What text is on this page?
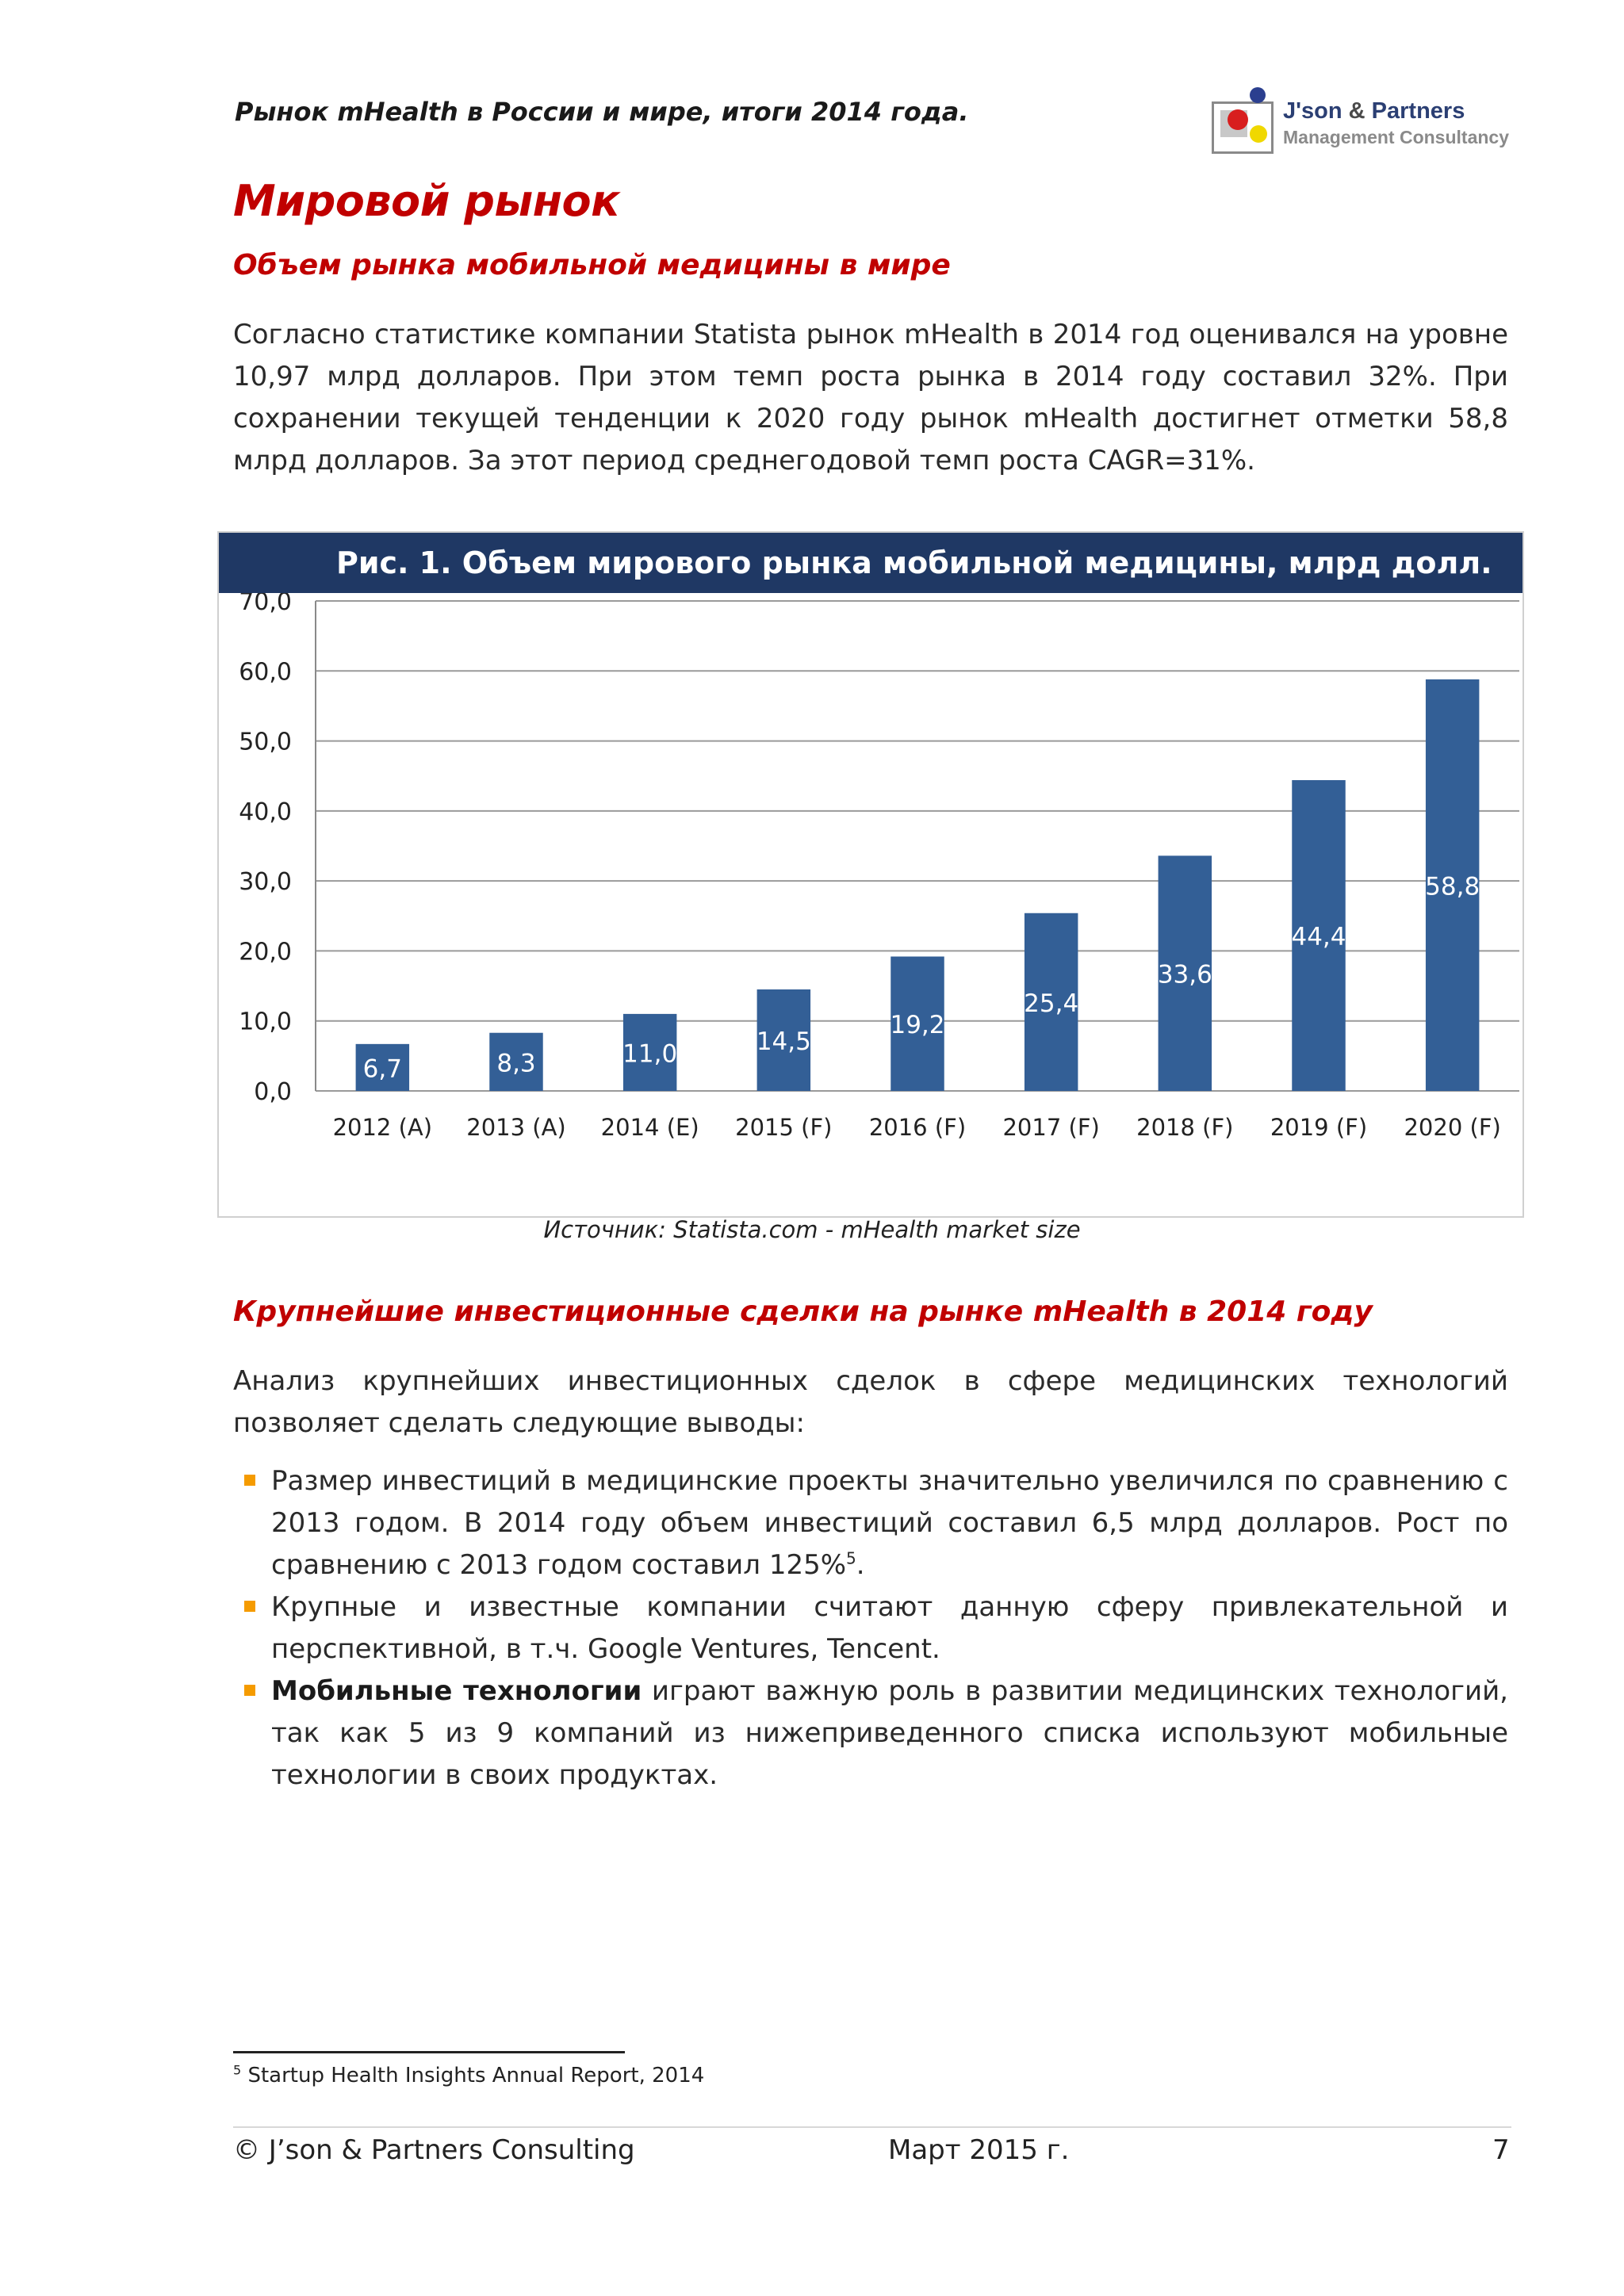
Рынок mHealth в России и мире, итоги 2014 года.	J'son & Partners
Management Consultancy
Мировой рынок
Объем рынка мобильной медицины в мире
Согласно статистике компании Statista рынок mHealth в 2014 год оценивался на уровне 10,97 млрд долларов. При этом темп роста рынка в 2014 году составил 32%. При сохранении текущей тенденции к 2020 году рынок mHealth достигнет отметки 58,8 млрд долларов. За этот период среднегодовой темп роста CAGR=31%.
Рис. 1. Объем мирового рынка мобильной медицины, млрд долл.
0,0
10,0
20,0
30,0
40,0
50,0
60,0
70,0
6,7
2012 (A)
8,3
2013 (A)
11,0
2014 (E)
14,5
2015 (F)
19,2
2016 (F)
25,4
2017 (F)
33,6
2018 (F)
44,4
2019 (F)
58,8
2020 (F)
Источник: Statista.com - mHealth market size
Крупнейшие инвестиционные сделки на рынке mHealth в 2014 году
Анализ крупнейших инвестиционных сделок в сфере медицинских технологий позволяет сделать следующие выводы:
Размер инвестиций в медицинские проекты значительно увеличился по сравнению с 2013 годом. В 2014 году объем инвестиций составил 6,5 млрд долларов. Рост по сравнению с 2013 годом составил 125%$^5$.
Крупные и известные компании считают данную сферу привлекательной и перспективной, в т.ч. Google Ventures, Tencent.
Мобильные технологии играют важную роль в развитии медицинских технологий, так как 5 из 9 компаний из нижеприведенного списка используют мобильные технологии в своих продуктах.
$^5$ Startup Health Insights Annual Report, 2014
© J’son & Partners Consulting	Март 2015 г.	7
